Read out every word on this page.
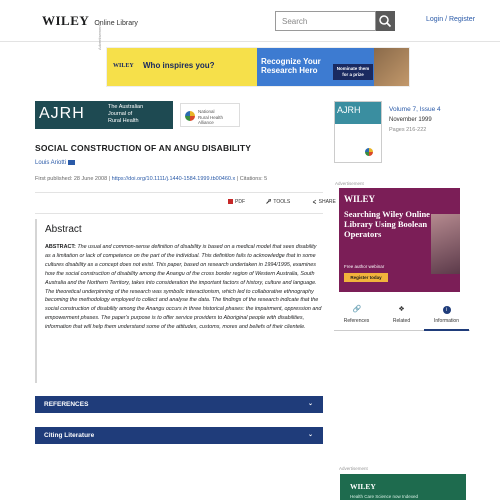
WILEY Online Library	Search	Login / Register
Advertisement
WILEY Who inspires you?	Recognize Your
Research Hero	Nominate them
for a prize
AJRH	The Australian
Journal of
Rural Health
National
Rural Health
Alliance
SOCIAL CONSTRUCTION OF AN ANGU DISABILITY
Louis Ariotti
First published: 28 June 2008 | https://doi.org/10.1111/j.1440-1584.1999.tb00460.x | Citations: 5
PDF	TOOLS	SHARE
Abstract

ABSTRACT: The usual and common-sense definition of disability is based on a medical model that sees disability as a limitation or lack of competence on the part of the individual. This definition fails to acknowledge that in some cultures disability as a concept does not exist. This paper, based on research undertaken in 1994/1995, examines how the social construction of disability among the Anangu of the cross border region of Western Australia, South Australia and the Northern Territory, takes into consideration the important factors of history, culture and language. The theoretical underpinning of the research was symbolic interactionism, which led to collaborative ethnography becoming the methodology employed to collect and analyse the data. The findings of the research indicate that the social construction of disability among the Anangu occurs in three historical phases: the impairment, oppression and empowerment phases. The paper's purpose is to offer service providers to Aboriginal people with disabilities, information that will help them understand some of the attitudes, customs, mores and beliefs of their clientele.

REFERENCES	⌄
Citing Literature	⌄
AJRH	Volume 7, Issue 4
November 1999
Pages 216-222
Advertisement
WILEY
Searching Wiley Online Library Using Boolean Operators
Free author webinar
Register today
🔗
References
❖
Related
i
Information
Advertisement
WILEY
Health Care Science now Indexed
